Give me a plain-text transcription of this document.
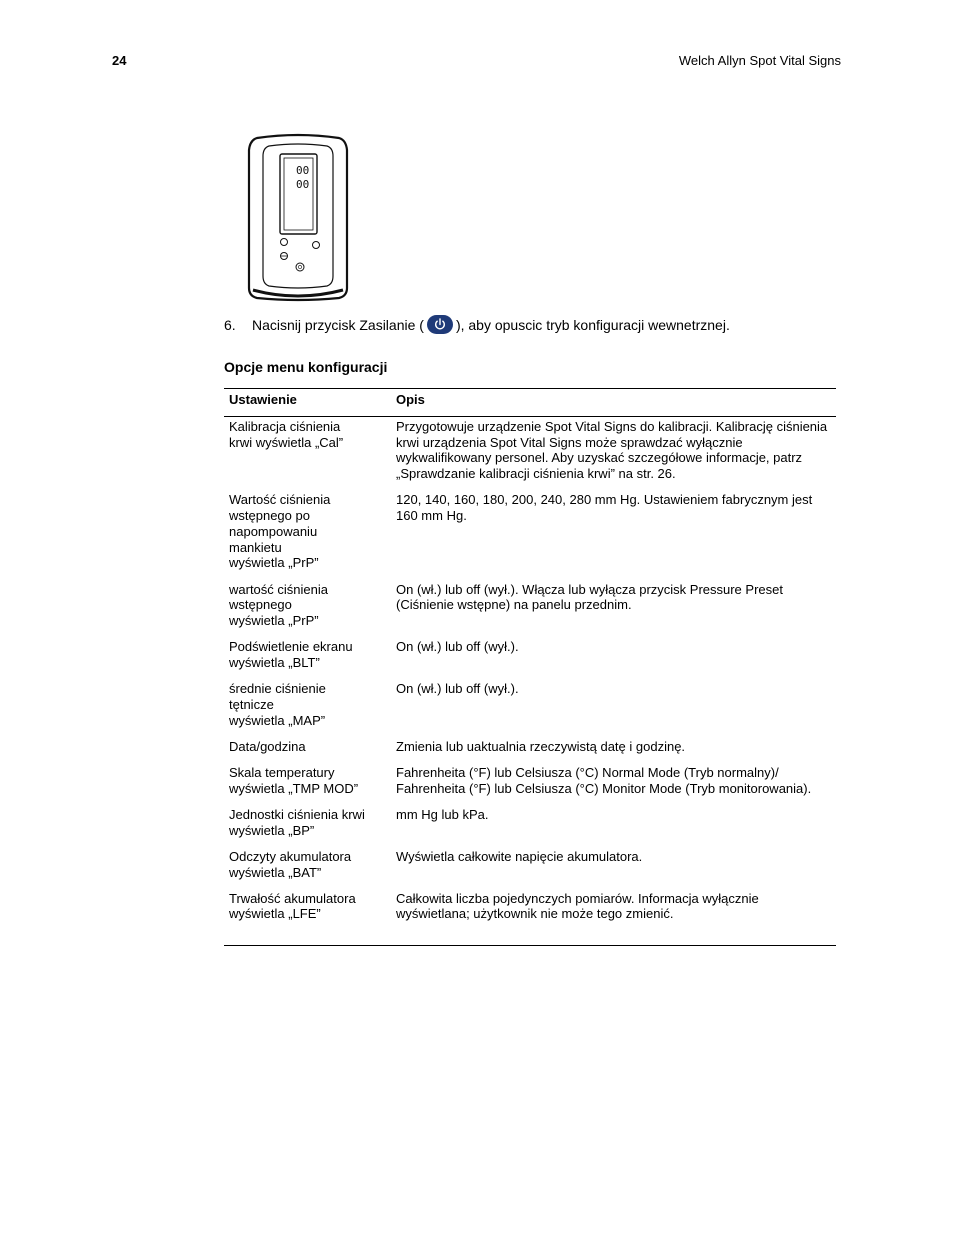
24	Welch Allyn Spot Vital Signs
00
00
6.	Nacisnij przycisk Zasilanie ( ), aby opuscic tryb konfiguracji wewnetrznej.
Opcje menu konfiguracji
Ustawienie	Opis
Kalibracja ciśnienia
krwi wyświetla „Cal”	Przygotowuje urządzenie Spot Vital Signs do kalibracji. Kalibrację ciśnienia krwi urządzenia Spot Vital Signs może sprawdzać wyłącznie wykwalifikowany personel. Aby uzyskać szczegółowe informacje, patrz „Sprawdzanie kalibracji ciśnienia krwi” na str. 26.
Wartość ciśnienia
wstępnego po
napompowaniu
mankietu
wyświetla „PrP”	120, 140, 160, 180, 200, 240, 280 mm Hg. Ustawieniem fabrycznym jest 160 mm Hg.
wartość ciśnienia
wstępnego
wyświetla „PrP”	On (wł.) lub off (wył.). Włącza lub wyłącza przycisk Pressure Preset (Ciśnienie wstępne) na panelu przednim.
Podświetlenie ekranu
wyświetla „BLT”	On (wł.) lub off (wył.).
średnie ciśnienie
tętnicze
wyświetla „MAP”	On (wł.) lub off (wył.).
Data/godzina	Zmienia lub uaktualnia rzeczywistą datę i godzinę.
Skala temperatury
wyświetla „TMP MOD”	Fahrenheita (°F) lub Celsiusza (°C) Normal Mode (Tryb normalny)/
Fahrenheita (°F) lub Celsiusza (°C) Monitor Mode (Tryb monitorowania).
Jednostki ciśnienia krwi
wyświetla „BP”	mm Hg lub kPa.
Odczyty akumulatora
wyświetla „BAT”	Wyświetla całkowite napięcie akumulatora.
Trwałość akumulatora
wyświetla „LFE”	Całkowita liczba pojedynczych pomiarów. Informacja wyłącznie wyświetlana; użytkownik nie może tego zmienić.
